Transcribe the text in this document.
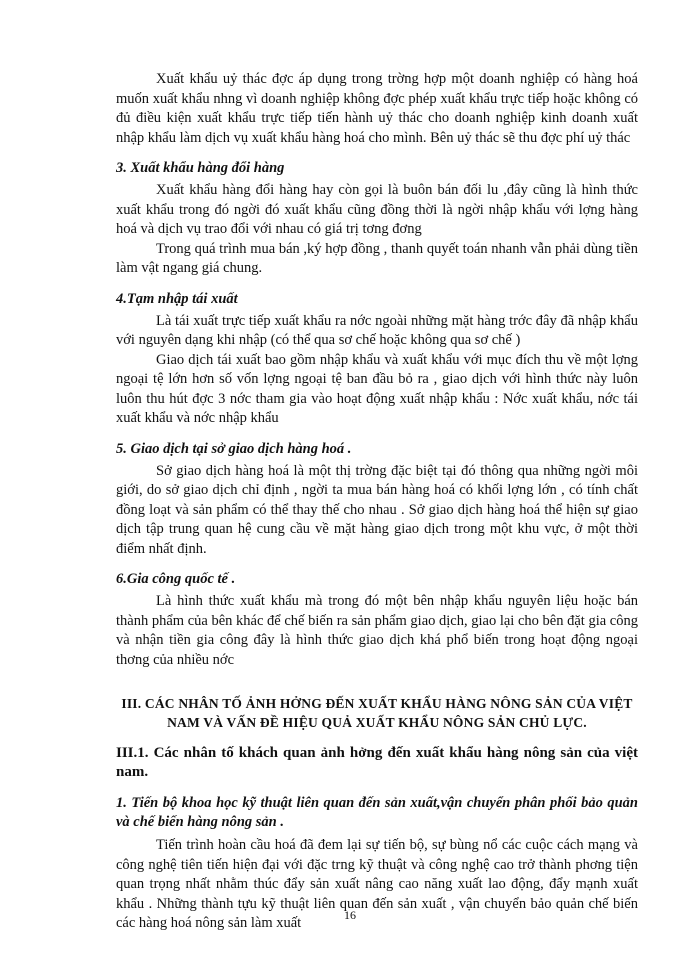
Xuất khẩu uỷ thác đợc áp dụng trong trờng hợp một doanh nghiệp có hàng hoá muốn xuất khẩu nhng vì doanh nghiệp không đợc phép xuất khẩu trực tiếp hoặc không có đủ điều kiện xuất khẩu trực tiếp tiến hành uỷ thác cho doanh nghiệp kinh doanh xuất nhập khẩu làm dịch vụ xuất khẩu hàng hoá cho mình. Bên uỷ thác sẽ thu đợc phí uỷ thác

3. Xuất khẩu hàng đổi hàng

Xuất khẩu hàng đổi hàng hay còn gọi là buôn bán đối lu ,đây cũng là hình thức xuất khẩu trong đó ngời đó xuất khẩu cũng đồng thời là ngời nhập khẩu với lợng hàng hoá và dịch vụ trao đổi với nhau có giá trị tơng đơng

Trong quá trình mua bán ,ký hợp đồng , thanh quyết toán nhanh vẫn phải dùng tiền làm vật ngang giá chung.

4.Tạm nhập tái xuất

Là tái xuất trực tiếp xuất khẩu ra nớc ngoài những mặt hàng trớc đây đã nhập khẩu với nguyên dạng khi nhập (có thể qua sơ chế hoặc không qua sơ chế )

Giao dịch tái xuất bao gồm nhập khẩu và xuất khẩu với mục đích thu về một lợng ngoại tệ lớn hơn số vốn lợng ngoại tệ ban đầu bỏ ra , giao dịch với hình thức này luôn luôn thu hút đợc 3 nớc tham gia vào hoạt động xuất nhập khẩu : Nớc xuất khẩu, nớc tái xuất khẩu và nớc nhập khẩu

5. Giao dịch tại sở giao dịch hàng hoá .

Sở giao dịch hàng hoá là một thị trờng đặc biệt tại đó thông qua những ngời môi giới, do sở giao dịch chỉ định , ngời ta mua bán hàng hoá có khối lợng lớn , có tính chất đồng loạt và sản phẩm có thể thay thế cho nhau . Sở giao dịch hàng hoá thể hiện sự giao dịch tập trung quan hệ cung cầu về mặt hàng giao dịch trong một khu vực, ở một thời điểm nhất định.

6.Gia công quốc tế .

Là hình thức xuất khẩu mà trong đó một bên nhập khẩu nguyên liệu hoặc bán thành phẩm của bên khác để chế biến ra sản phẩm giao dịch, giao lại cho bên đặt gia công và nhận tiền gia công đây là hình thức giao dịch khá phổ biến trong hoạt động ngoại thơng của nhiều nớc

III. CÁC NHÂN TỐ ẢNH HỞNG ĐẾN XUẤT KHẨU HÀNG NÔNG SẢN CỦA VIỆT NAM VÀ VẤN ĐỀ HIỆU QUẢ XUẤT KHẨU NÔNG SẢN CHỦ LỰC.

III.1. Các nhân tố khách quan ảnh hởng đến xuất khẩu hàng nông sản của việt nam.

1. Tiến bộ khoa học kỹ thuật liên quan đến sản xuất,vận chuyển phân phối bảo quản và chế biến hàng nông sản .

Tiến trình hoàn cầu hoá đã đem lại sự tiến bộ, sự bùng nổ các cuộc cách mạng và công nghệ tiên tiến hiện đại với đặc trng kỹ thuật và công nghệ cao trở thành phơng tiện quan trọng nhất nhằm thúc đẩy sản xuất nâng cao năng xuất lao động, đẩy mạnh xuất khẩu . Những thành tựu kỹ thuật liên quan đến sản xuất , vận chuyển bảo quản chế biến các hàng hoá nông sản làm xuất	16
